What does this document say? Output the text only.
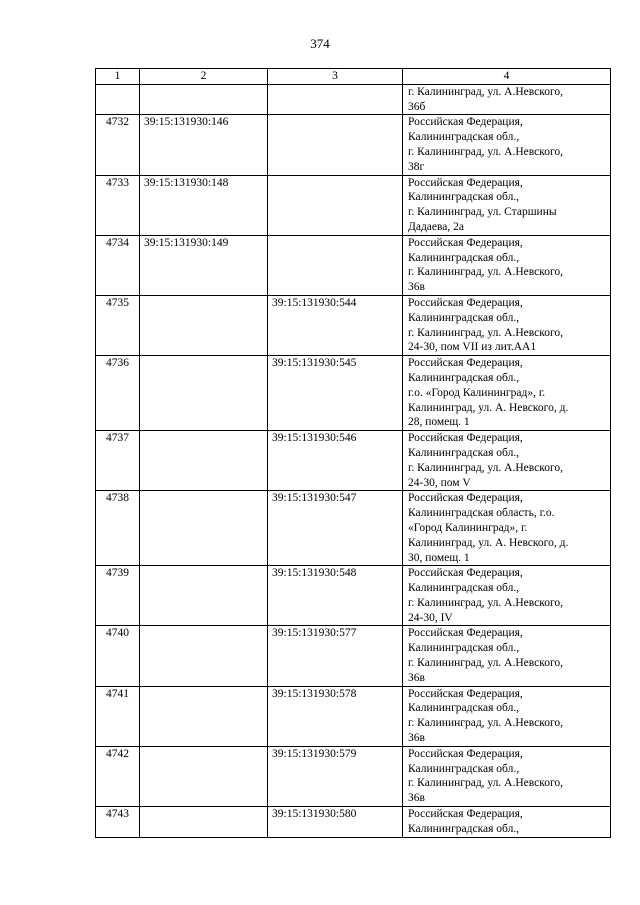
374
1	2	3	4

			г. Калининград, ул. А.Невского,
36б

4732	39:15:131930:146		Российская Федерация,
Калининградская обл.,
г. Калининград, ул. А.Невского,
38г

4733	39:15:131930:148		Российская Федерация,
Калининградская обл.,
г. Калининград, ул. Старшины
Дадаева, 2а

4734	39:15:131930:149		Российская Федерация,
Калининградская обл.,
г. Калининград, ул. А.Невского,
36в

4735		39:15:131930:544	Российская Федерация,
Калининградская обл.,
г. Калининград, ул. А.Невского,
24-30, пом VII из лит.АА1

4736		39:15:131930:545	Российская Федерация,
Калининградская обл.,
г.о. «Город Калининград», г.
Калининград, ул. А. Невского, д.
28, помещ. 1

4737		39:15:131930:546	Российская Федерация,
Калининградская обл.,
г. Калининград, ул. А.Невского,
24-30, пом V

4738		39:15:131930:547	Российская Федерация,
Калининградская область, г.о.
«Город Калининград», г.
Калининград, ул. А. Невского, д.
30, помещ. 1

4739		39:15:131930:548	Российская Федерация,
Калининградская обл.,
г. Калининград, ул. А.Невского,
24-30, IV

4740		39:15:131930:577	Российская Федерация,
Калининградская обл.,
г. Калининград, ул. А.Невского,
36в

4741		39:15:131930:578	Российская Федерация,
Калининградская обл.,
г. Калининград, ул. А.Невского,
36в

4742		39:15:131930:579	Российская Федерация,
Калининградская обл.,
г. Калининград, ул. А.Невского,
36в

4743		39:15:131930:580	Российская Федерация,
Калининградская обл.,
